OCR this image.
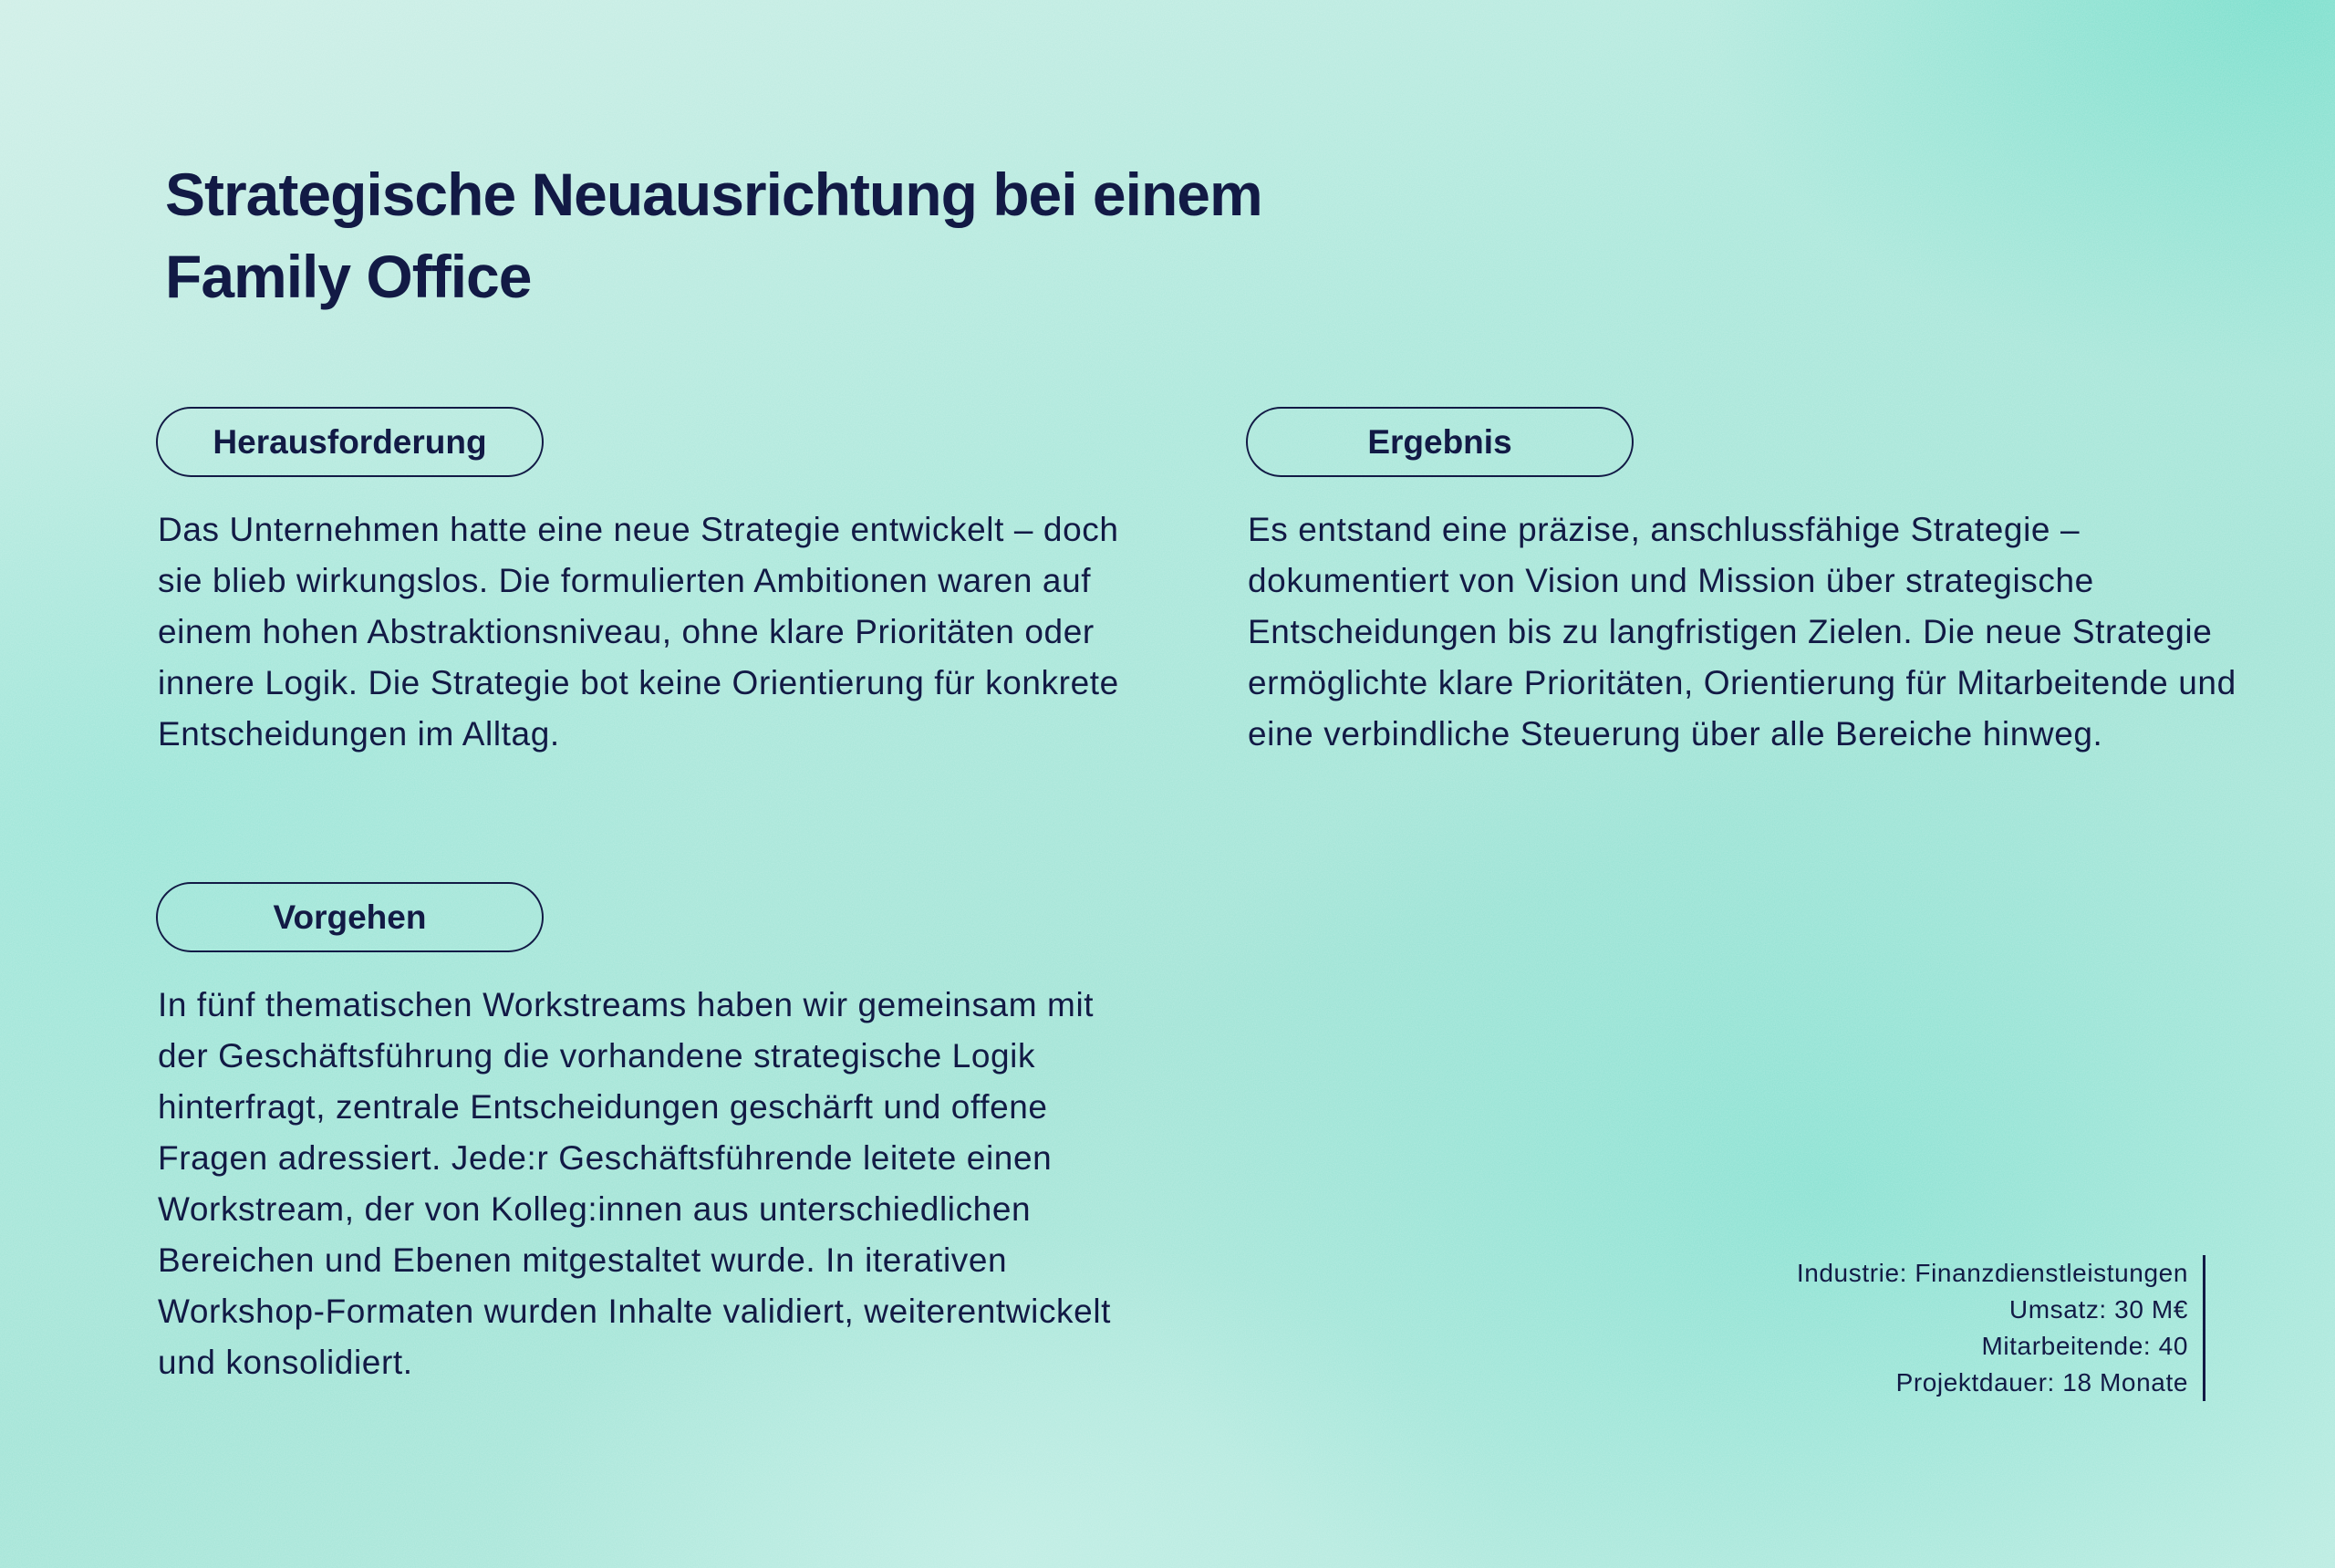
Strategische Neuausrichtung bei einem
Family Office
Herausforderung

Das Unternehmen hatte eine neue Strategie entwickelt – doch sie blieb wirkungslos. Die formulierten Ambitionen waren auf einem hohen Abstraktionsniveau, ohne klare Prioritäten oder innere Logik. Die Strategie bot keine Orientierung für konkrete Entscheidungen im Alltag.

Ergebnis

Es entstand eine präzise, anschlussfähige Strategie – dokumentiert von Vision und Mission über strategische Entscheidungen bis zu langfristigen Zielen. Die neue Strategie ermöglichte klare Prioritäten, Orientierung für Mitarbeitende und eine verbindliche Steuerung über alle Bereiche hinweg.

Vorgehen

In fünf thematischen Workstreams haben wir gemeinsam mit der Geschäftsführung die vorhandene strategische Logik hinterfragt, zentrale Entscheidungen geschärft und offene Fragen adressiert. Jede:r Geschäftsführende leitete einen Workstream, der von Kolleg:innen aus unterschiedlichen Bereichen und Ebenen mitgestaltet wurde. In iterativen Workshop-Formaten wurden Inhalte validiert, weiterentwickelt und konsolidiert.

Industrie: Finanzdienstleistungen
Umsatz: 30 M€
Mitarbeitende: 40
Projektdauer: 18 Monate
